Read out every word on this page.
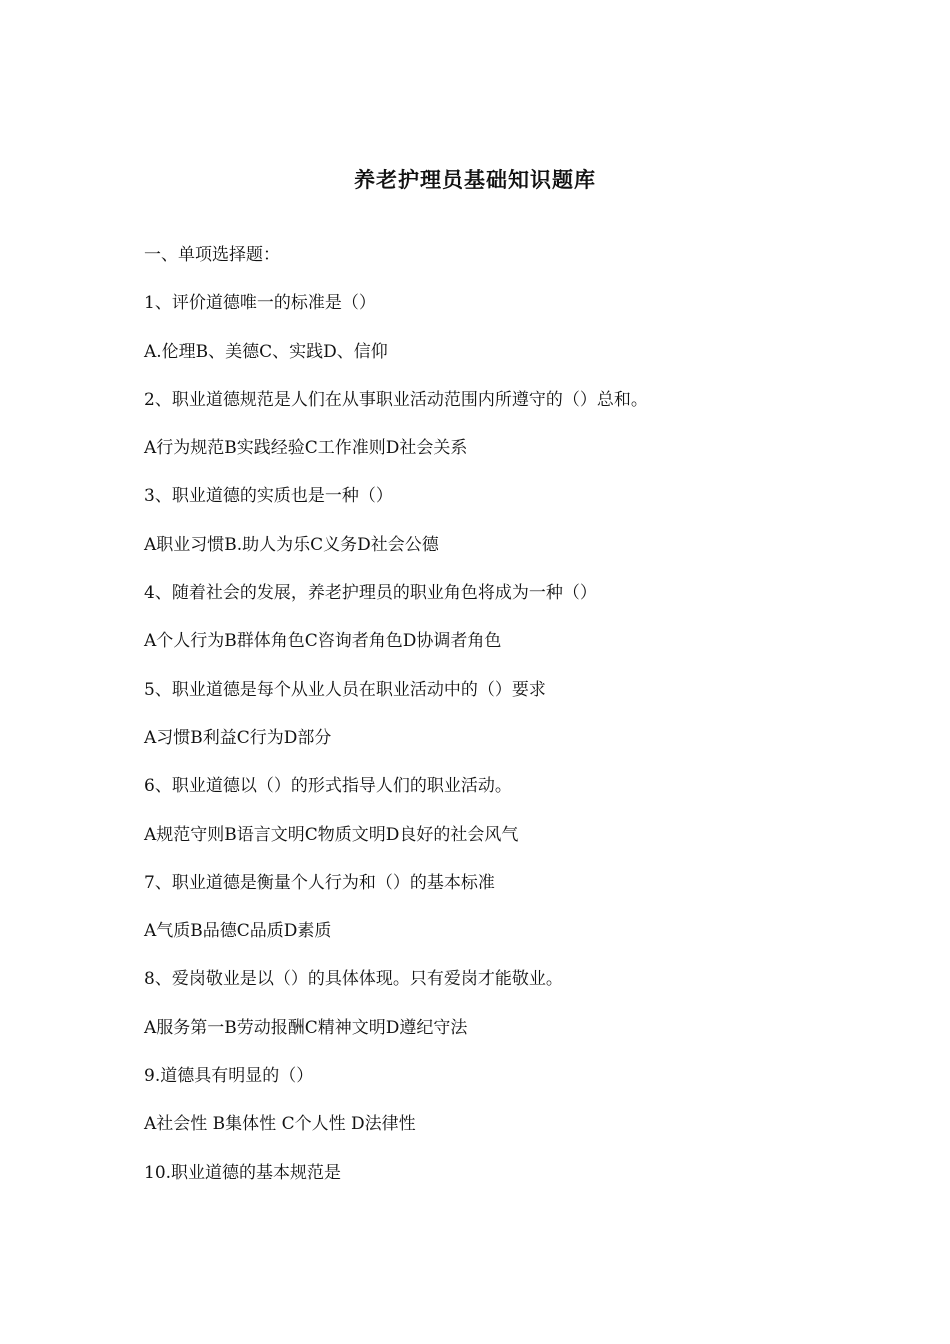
养老护理员基础知识题库
一、单项选择题：
1、评价道德唯一的标准是（）
A.伦理B、美德C、实践D、信仰
2、职业道德规范是人们在从事职业活动范围内所遵守的（）总和。
A行为规范B实践经验C工作准则D社会关系
3、职业道德的实质也是一种（）
A职业习惯B.助人为乐C义务D社会公德
4、随着社会的发展，养老护理员的职业角色将成为一种（）
A个人行为B群体角色C咨询者角色D协调者角色
5、职业道德是每个从业人员在职业活动中的（）要求
A习惯B利益C行为D部分
6、职业道德以（）的形式指导人们的职业活动。
A规范守则B语言文明C物质文明D良好的社会风气
7、职业道德是衡量个人行为和（）的基本标准
A气质B品德C品质D素质
8、爱岗敬业是以（）的具体体现。只有爱岗才能敬业。
A服务第一B劳动报酬C精神文明D遵纪守法
9.道德具有明显的（）
A社会性 B集体性 C个人性 D法律性
10.职业道德的基本规范是
